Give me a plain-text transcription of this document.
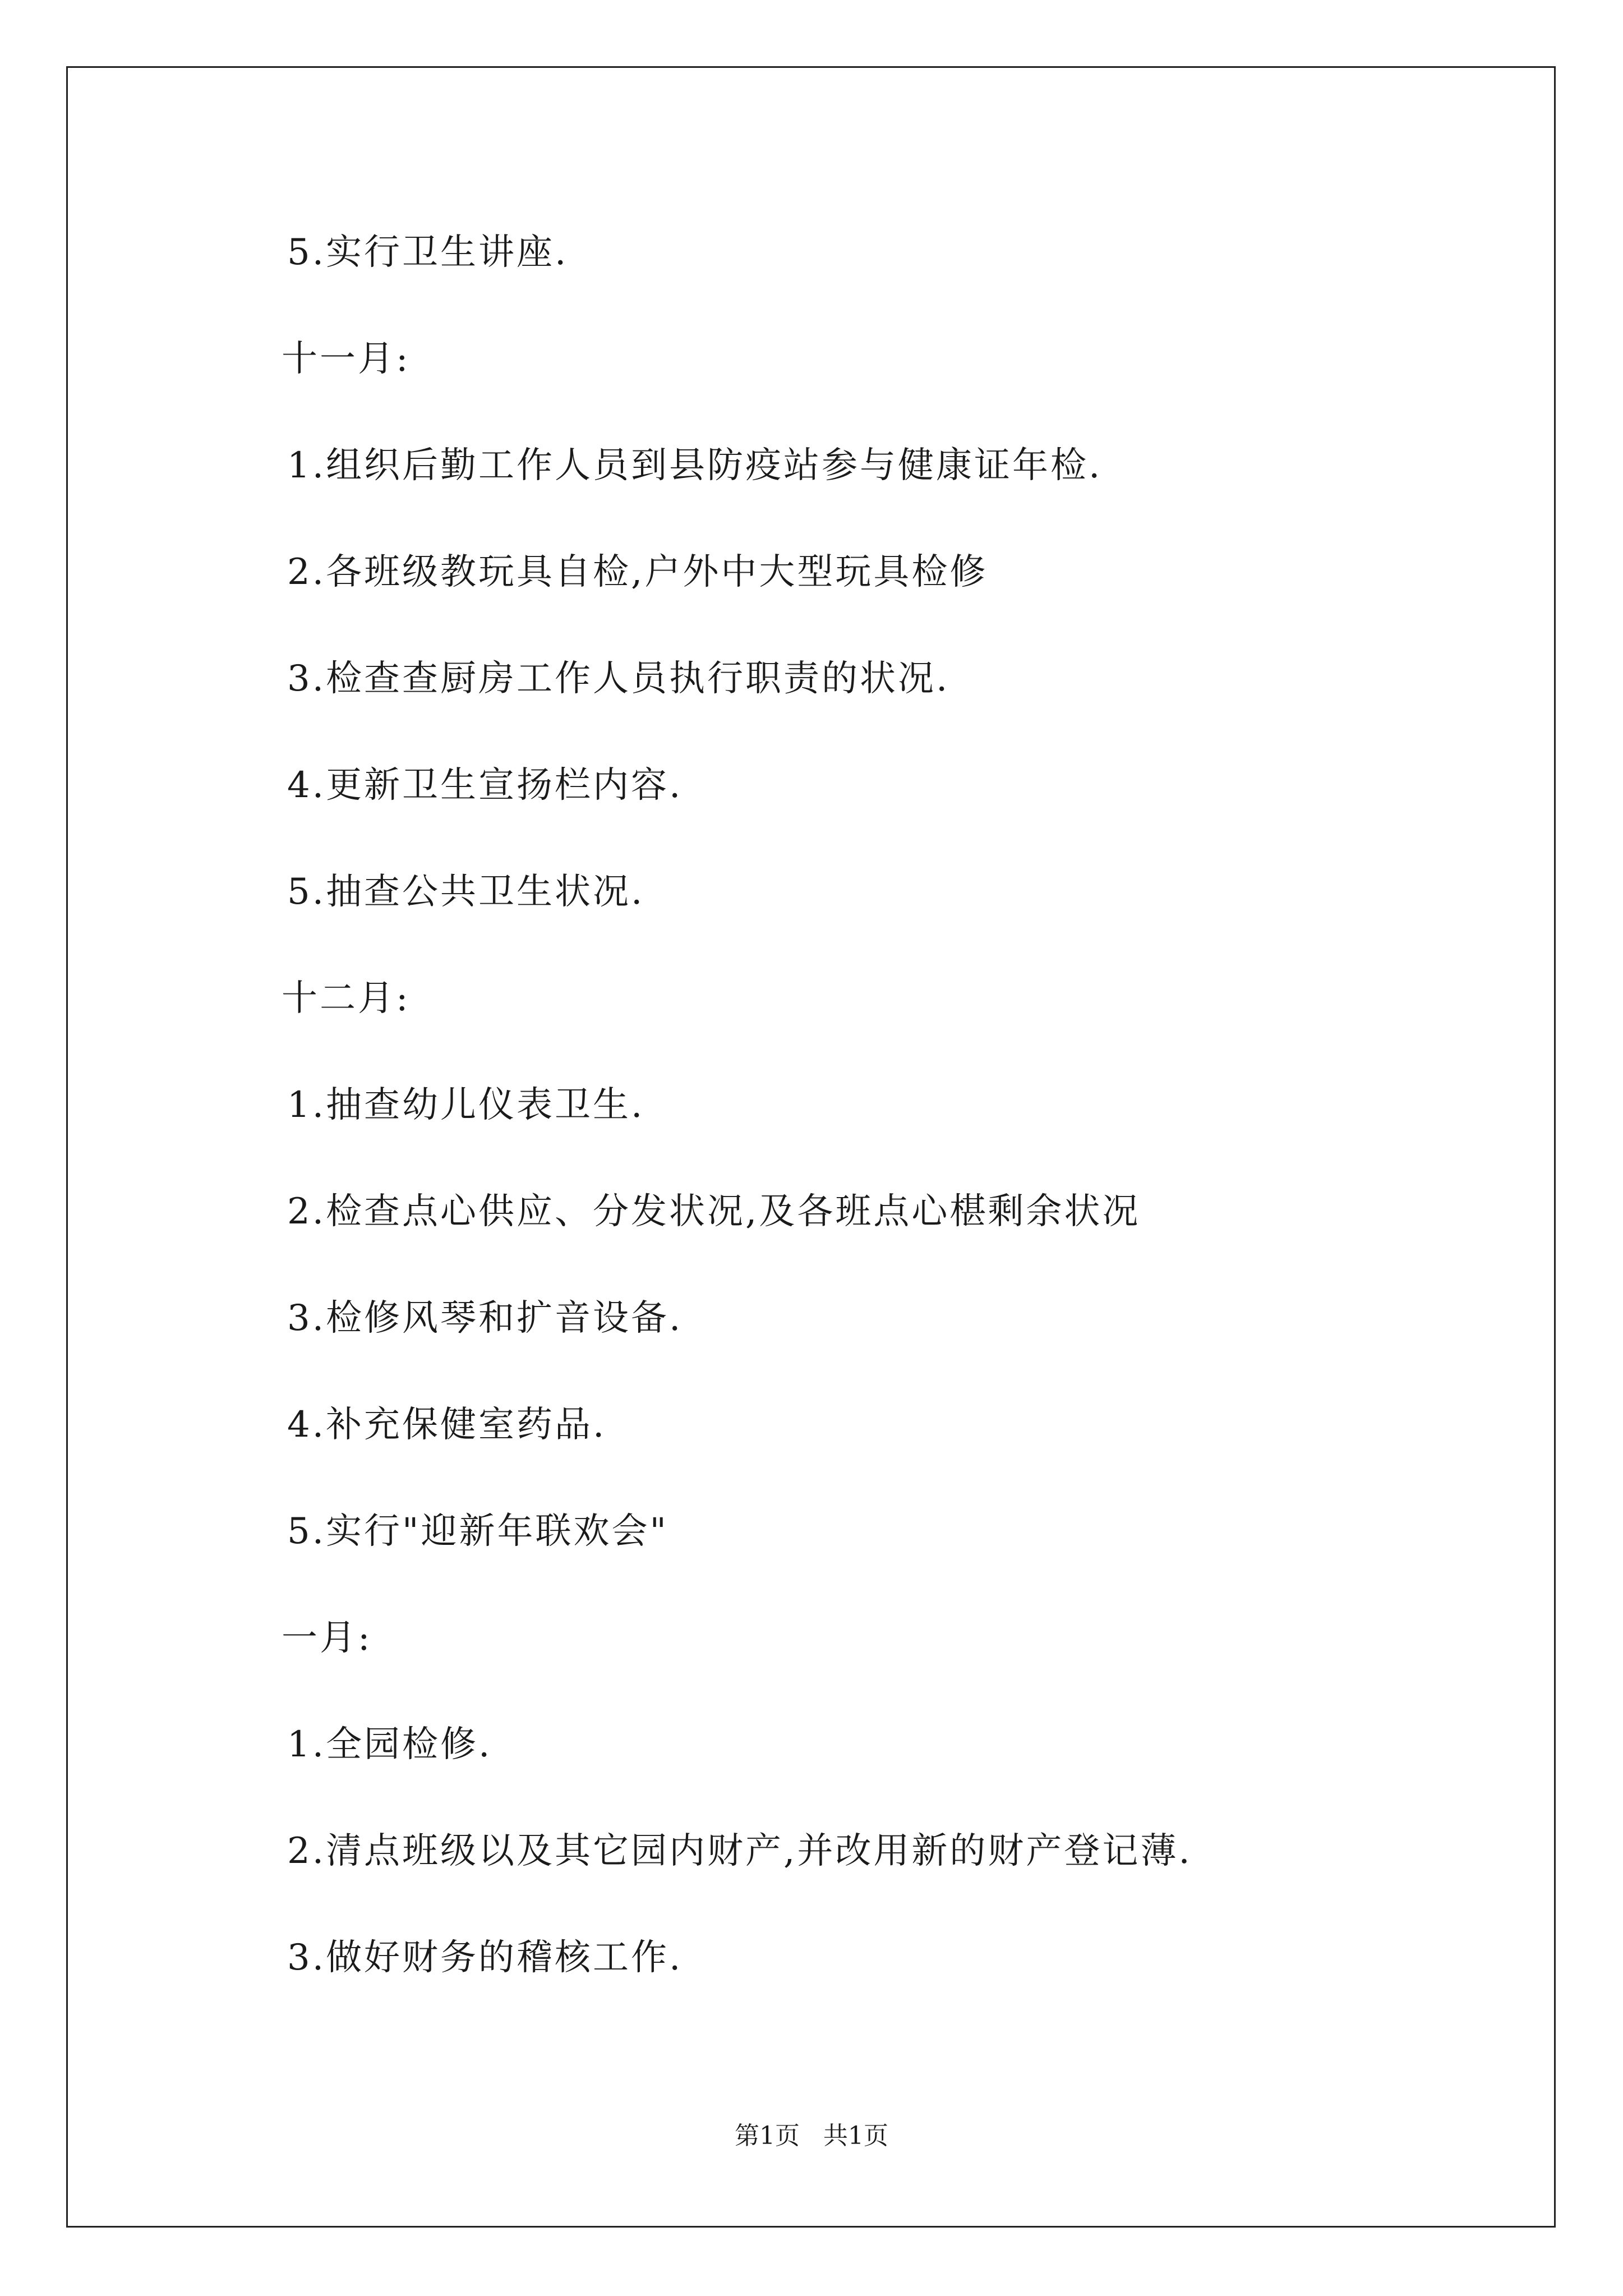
5.实行卫生讲座.
十一月:
1.组织后勤工作人员到县防疫站参与健康证年检.
2.各班级教玩具自检,户外中大型玩具检修
3.检查查厨房工作人员执行职责的状况.
4.更新卫生宣扬栏内容.
5.抽查公共卫生状况.
十二月:
1.抽查幼儿仪表卫生.
2.检查点心供应、分发状况,及各班点心椹剩余状况
3.检修风琴和扩音设备.
4.补充保健室药品.
5.实行"迎新年联欢会"
一月:
1.全园检修.
2.清点班级以及其它园内财产,并改用新的财产登记薄.
3.做好财务的稽核工作.
第1页   共1页
